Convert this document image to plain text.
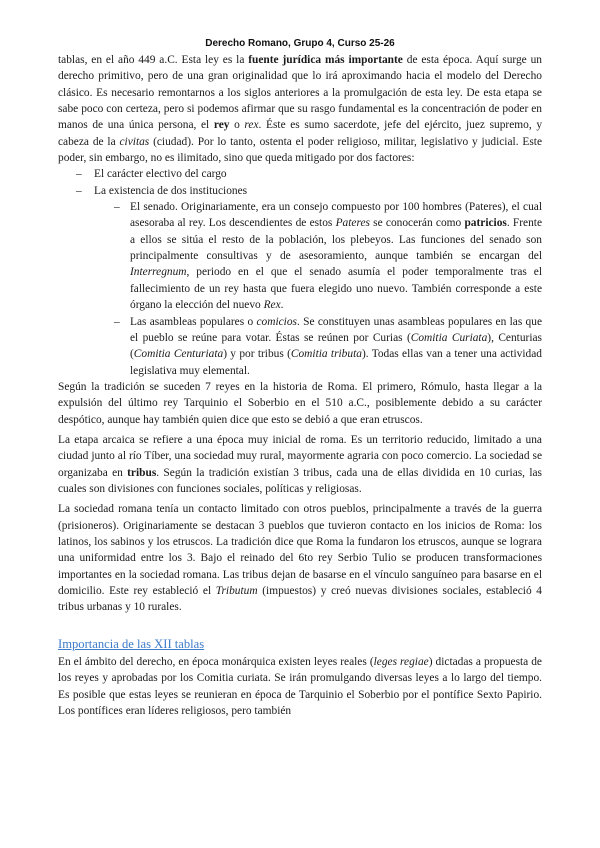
Derecho Romano, Grupo 4, Curso 25-26

tablas, en el año 449 a.C. Esta ley es la fuente jurídica más importante de esta época. Aquí surge un derecho primitivo, pero de una gran originalidad que lo irá aproximando hacia el modelo del Derecho clásico. Es necesario remontarnos a los siglos anteriores a la promulgación de esta ley. De esta etapa se sabe poco con certeza, pero si podemos afirmar que su rasgo fundamental es la concentración de poder en manos de una única persona, el rey o rex. Éste es sumo sacerdote, jefe del ejército, juez supremo, y cabeza de la civitas (ciudad). Por lo tanto, ostenta el poder religioso, militar, legislativo y judicial. Este poder, sin embargo, no es ilimitado, sino que queda mitigado por dos factores:

– El carácter electivo del cargo
– La existencia de dos instituciones
– El senado. Originariamente, era un consejo compuesto por 100 hombres (Pateres), el cual asesoraba al rey. Los descendientes de estos Pateres se conocerán como patricios. Frente a ellos se sitúa el resto de la población, los plebeyos. Las funciones del senado son principalmente consultivas y de asesoramiento, aunque también se encargan del Interregnum, periodo en el que el senado asumía el poder temporalmente tras el fallecimiento de un rey hasta que fuera elegido uno nuevo. También corresponde a este órgano la elección del nuevo Rex.
– Las asambleas populares o comicios. Se constituyen unas asambleas populares en las que el pueblo se reúne para votar. Éstas se reúnen por Curias (Comitia Curiata), Centurias (Comitia Centuriata) y por tribus (Comitia tributa). Todas ellas van a tener una actividad legislativa muy elemental.

Según la tradición se suceden 7 reyes en la historia de Roma. El primero, Rómulo, hasta llegar a la expulsión del último rey Tarquinio el Soberbio en el 510 a.C., posiblemente debido a su carácter despótico, aunque hay también quien dice que esto se debió a que eran etruscos.

La etapa arcaica se refiere a una época muy inicial de roma. Es un territorio reducido, limitado a una ciudad junto al río Tíber, una sociedad muy rural, mayormente agraria con poco comercio. La sociedad se organizaba en tribus. Según la tradición existían 3 tribus, cada una de ellas dividida en 10 curias, las cuales son divisiones con funciones sociales, políticas y religiosas.

La sociedad romana tenía un contacto limitado con otros pueblos, principalmente a través de la guerra (prisioneros). Originariamente se destacan 3 pueblos que tuvieron contacto en los inicios de Roma: los latinos, los sabinos y los etruscos. La tradición dice que Roma la fundaron los etruscos, aunque se lograra una uniformidad entre los 3. Bajo el reinado del 6to rey Serbio Tulio se producen transformaciones importantes en la sociedad romana. Las tribus dejan de basarse en el vínculo sanguíneo para basarse en el domicilio. Este rey estableció el Tributum (impuestos) y creó nuevas divisiones sociales, estableció 4 tribus urbanas y 10 rurales.

Importancia de las XII tablas

En el ámbito del derecho, en época monárquica existen leyes reales (leges regiae) dictadas a propuesta de los reyes y aprobadas por los Comitia curiata. Se irán promulgando diversas leyes a lo largo del tiempo. Es posible que estas leyes se reunieran en época de Tarquinio el Soberbio por el pontífice Sexto Papirio. Los pontífices eran líderes religiosos, pero también
